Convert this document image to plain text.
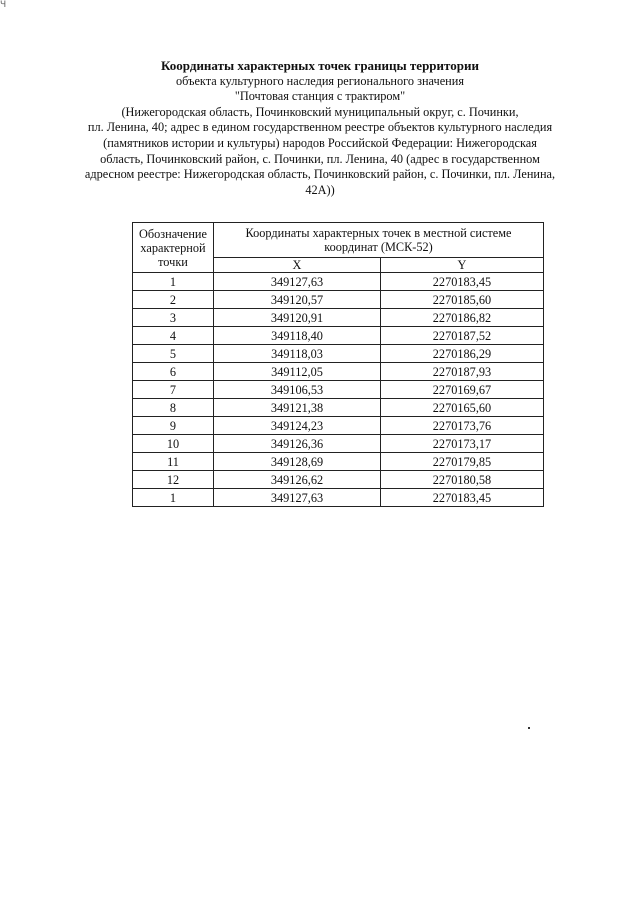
Ч
Координаты характерных точек границы территории
объекта культурного наследия регионального значения
"Почтовая станция с трактиром"
(Нижегородская область, Починковский муниципальный округ, с. Починки,
пл. Ленина, 40; адрес в едином государственном реестре объектов культурного наследия
(памятников истории и культуры) народов Российской Федерации: Нижегородская
область, Починковский район, с. Починки, пл. Ленина, 40 (адрес в государственном
адресном реестре: Нижегородская область, Починковский район, с. Починки, пл. Ленина,
42А))
Обозначение характерной точки	Координаты характерных точек в местной системе координат (МСК-52)	
	X	Y
1	349127,63	2270183,45
2	349120,57	2270185,60
3	349120,91	2270186,82
4	349118,40	2270187,52
5	349118,03	2270186,29
6	349112,05	2270187,93
7	349106,53	2270169,67
8	349121,38	2270165,60
9	349124,23	2270173,76
10	349126,36	2270173,17
11	349128,69	2270179,85
12	349126,62	2270180,58
1	349127,63	2270183,45
